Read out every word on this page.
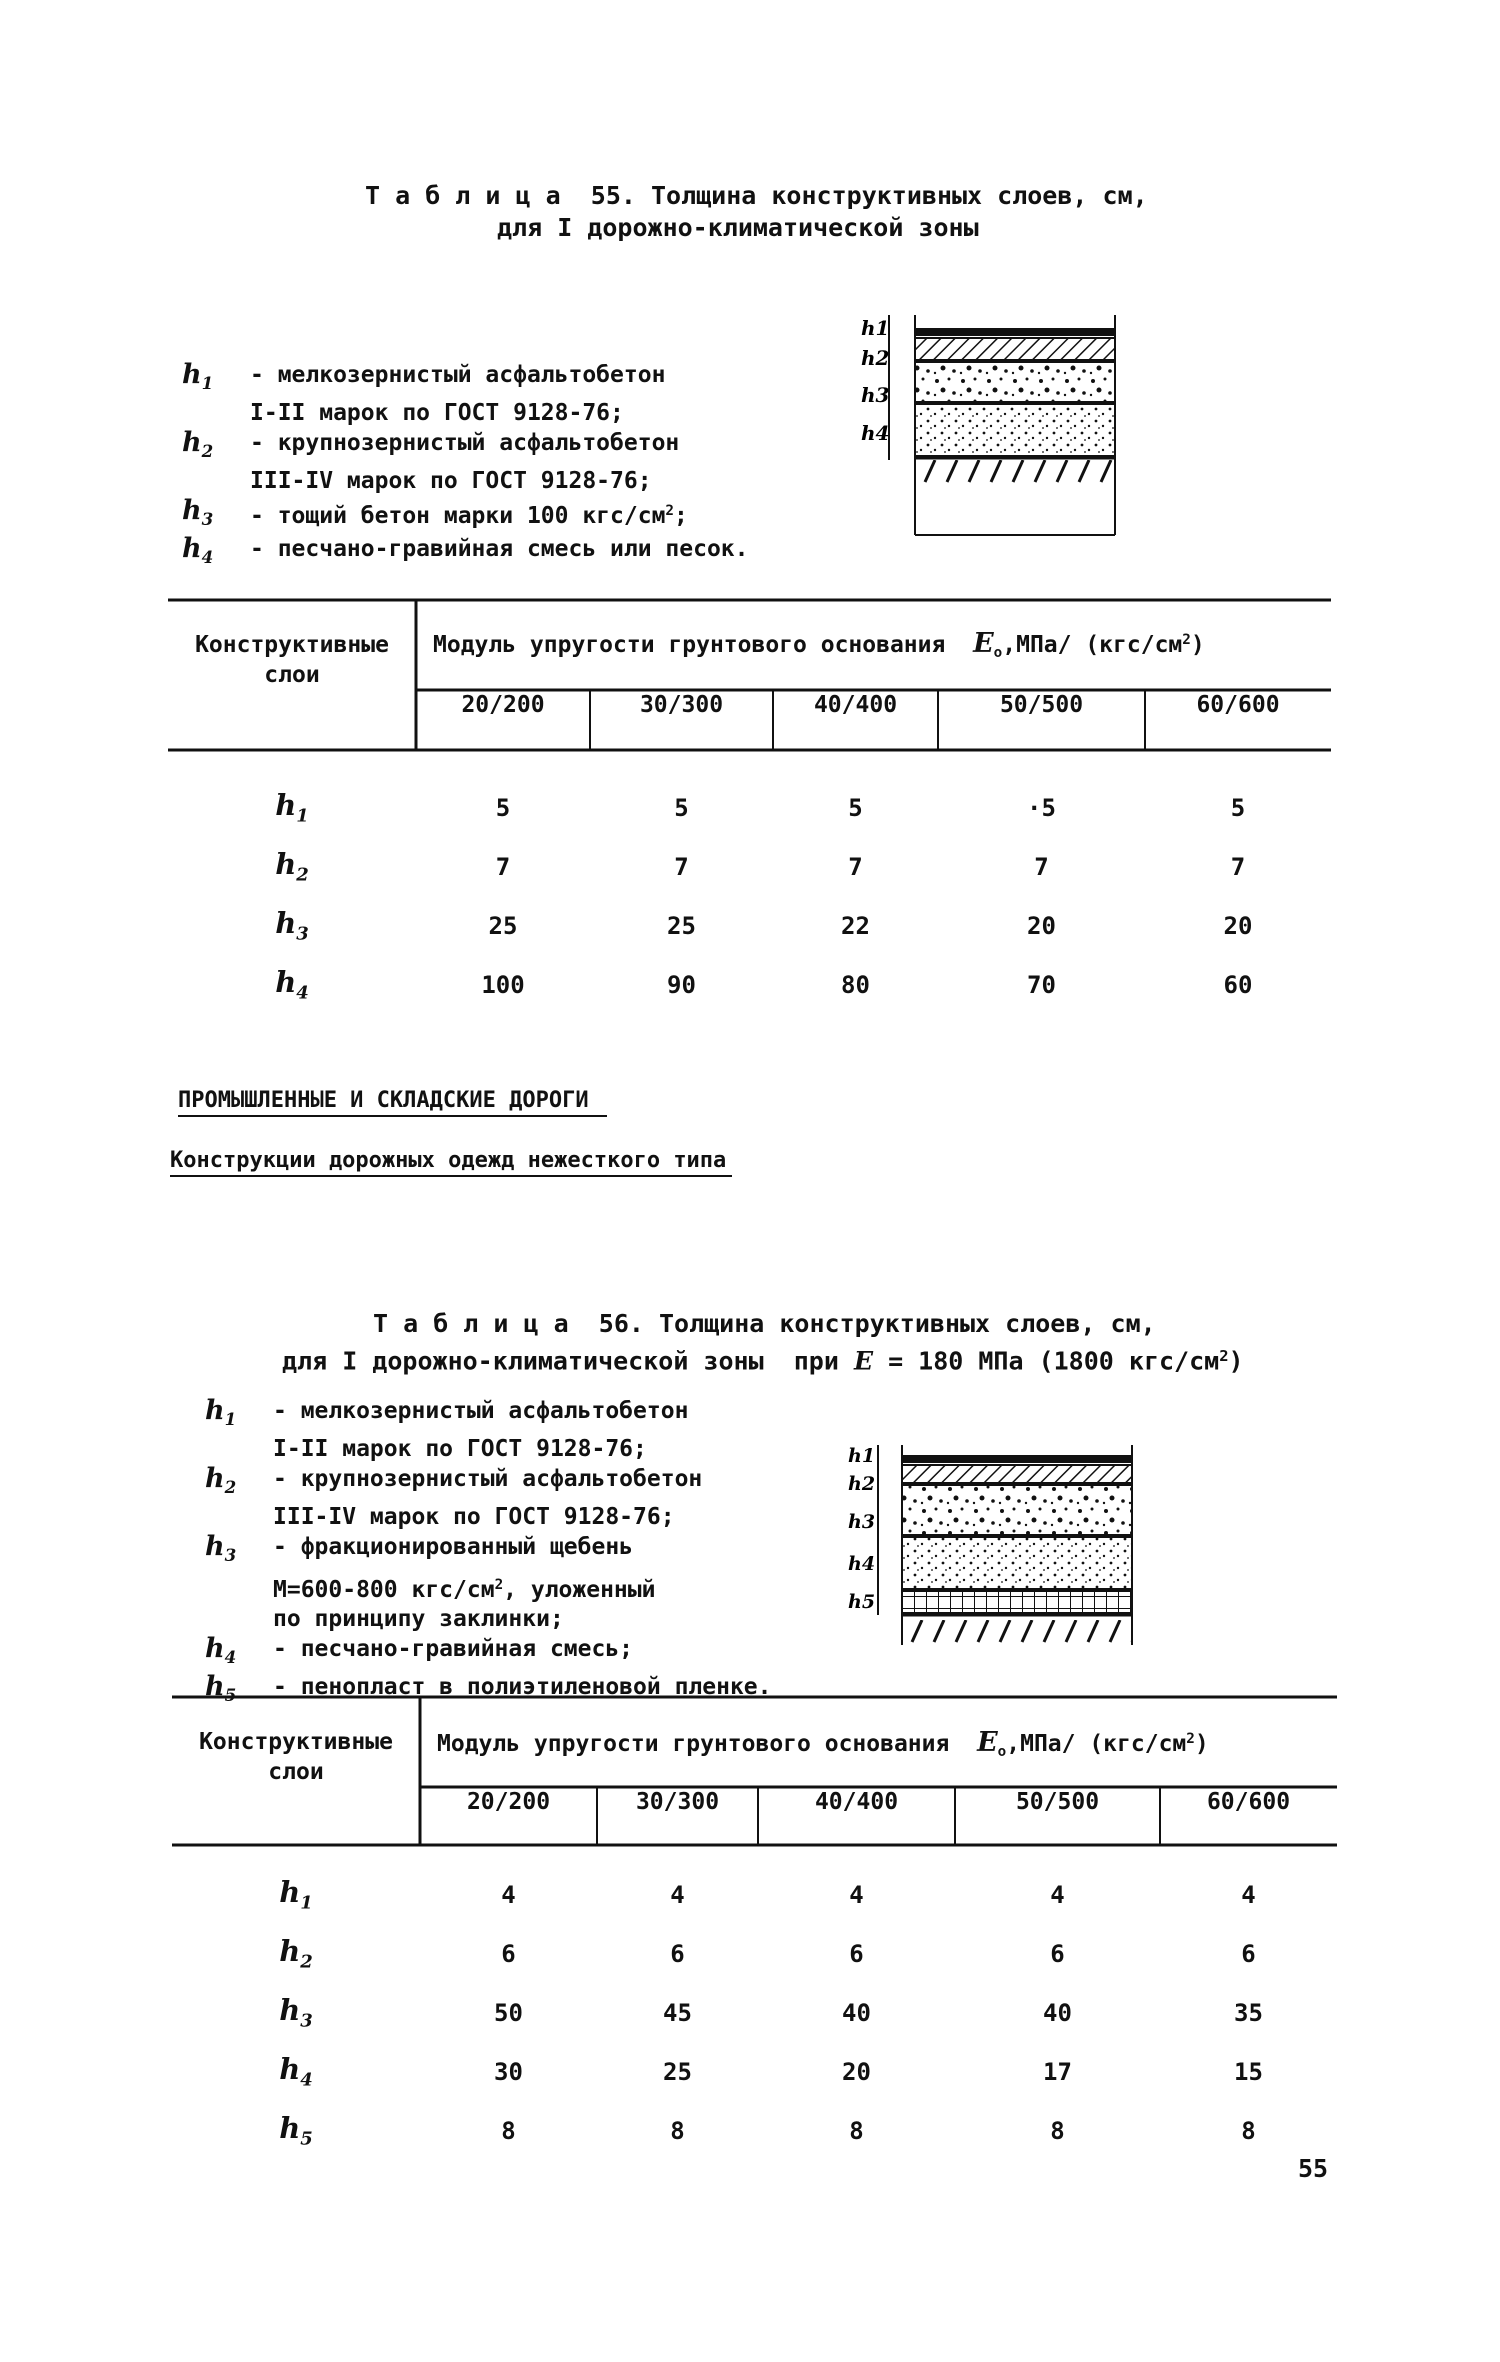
Т а б л и ц а  55. Толщина конструктивных слоев, см,
для I дорожно-климатической зоны
$h_1$	- мелкозернистый асфальтобетон
I-II марок по ГОСТ 9128-76;
$h_2$	- крупнозернистый асфальтобетон
III-IV марок по ГОСТ 9128-76;
$h_3$	- тощий бетон марки 100 кгс/$см^2$;
$h_4$	- песчано-гравийная смесь или песок.
h1
h2
h3
h4
Конструктивные слои
Модуль упругости грунтового основания $E_o,МПа/$ $(кгс/см^2)$
20/200	30/300	40/400	50/500	60/600
$h_1$	5	5	5	·5	5
$h_2$	7	7	7	7	7
$h_3$	25	25	22	20	20
$h_4$	100	90	80	70	60
ПРОМЫШЛЕННЫЕ И СКЛАДСКИЕ ДОРОГИ
Конструкции дорожных одежд нежесткого типа
Т а б л и ц а  56. Толщина конструктивных слоев, см,
для I дорожно-климатической зоны  при E = 180 МПа (1800 кгс/$см^2$)
$h_1$	- мелкозернистый асфальтобетон
I-II марок по ГОСТ 9128-76;
$h_2$	- крупнозернистый асфальтобетон
III-IV марок по ГОСТ 9128-76;
$h_3$	- фракционированный щебень
М=600-800 кгс/$см^2$, уложенный
по принципу заклинки;
$h_4$	- песчано-гравийная смесь;
$h_5$	- пенопласт в полиэтиленовой пленке.
h1
h2
h3
h4
h5
Конструктивные слои
Модуль упругости грунтового основания $E_o,МПа/$ $(кгс/см^2)$
20/200	30/300	40/400	50/500	60/600
$h_1$	4	4	4	4	4
$h_2$	6	6	6	6	6
$h_3$	50	45	40	40	35
$h_4$	30	25	20	17	15
$h_5$	8	8	8	8	8
55
